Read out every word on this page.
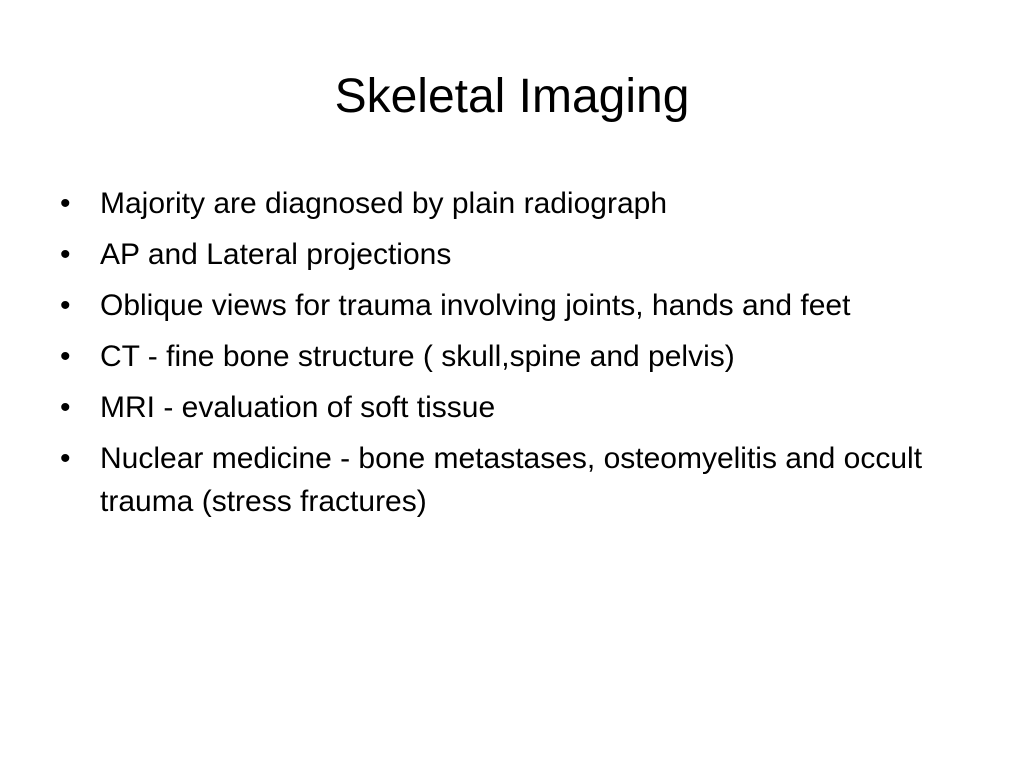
Skeletal Imaging
• Majority are diagnosed by plain radiograph
• AP and Lateral projections
• Oblique views for trauma involving joints, hands and feet
• CT - fine bone structure ( skull,spine and pelvis)
• MRI - evaluation of soft tissue
• Nuclear medicine - bone metastases, osteomyelitis and occult trauma (stress fractures)
